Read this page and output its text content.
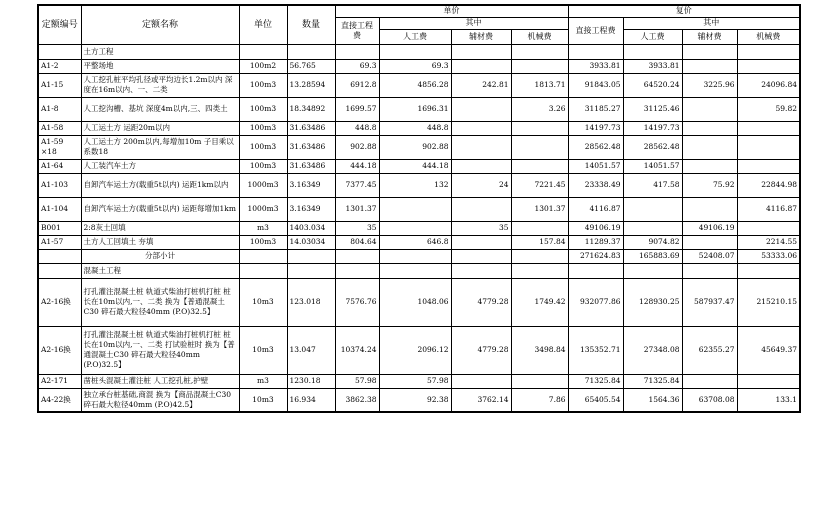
定额编号	定额名称	单位	数量	单价				复价			
				直接工程费	其中			直接工程费	其中		
					人工费	辅材费	机械费		人工费	辅材费	机械费
	土方工程										
A1-2	平整场地	100m2	56.765	69.3	69.3			3933.81	3933.81		
A1-15	人工挖孔桩平均孔径或平均边长1.2m以内 深度在16m以内、一、二类	100m3	13.28594	6912.8	4856.28	242.81	1813.71	91843.05	64520.24	3225.96	24096.84
A1-8	人工挖沟槽、基坑 深度4m以内,三、四类土	100m3	18.34892	1699.57	1696.31		3.26	31185.27	31125.46		59.82
A1-58	人工运土方 运距20m以内	100m3	31.63486	448.8	448.8			14197.73	14197.73		
A1-59 ×18	人工运土方 200m以内,每增加10m 子目乘以系数18	100m3	31.63486	902.88	902.88			28562.48	28562.48		
A1-64	人工装汽车土方	100m3	31.63486	444.18	444.18			14051.57	14051.57		
A1-103	自卸汽车运土方(载重5t以内) 运距1km以内	1000m3	3.16349	7377.45	132	24	7221.45	23338.49	417.58	75.92	22844.98
A1-104	自卸汽车运土方(载重5t以内) 运距每增加1km	1000m3	3.16349	1301.37			1301.37	4116.87			4116.87
B001	2:8灰土回填	m3	1403.034	35		35		49106.19		49106.19	
A1-57	土方人工回填土 夯填	100m3	14.03034	804.64	646.8		157.84	11289.37	9074.82		2214.55
	分部小计							271624.83	165883.69	52408.07	53333.06
	混凝土工程										
A2-16换	打孔灌注混凝土桩 轨道式柴油打桩机打桩 桩长在10m以内,一、二类 换为【普通混凝土C30 碎石最大粒径40mm (P.O)32.5】	10m3	123.018	7576.76	1048.06	4779.28	1749.42	932077.86	128930.25	587937.47	215210.15
A2-16换	打孔灌注混凝土桩 轨道式柴油打桩机打桩 桩长在10m以内,一、二类 打试验桩时 换为【普通混凝土C30 碎石最大粒径40mm (P.O)32.5】	10m3	13.047	10374.24	2096.12	4779.28	3498.84	135352.71	27348.08	62355.27	45649.37
A2-171	凿桩头混凝土灌注桩 人工挖孔桩,护壁	m3	1230.18	57.98	57.98			71325.84	71325.84		
A4-22换	独立承台桩基础,商混 换为【商品混凝土C30 碎石最大粒径40mm (P.O)42.5】	10m3	16.934	3862.38	92.38	3762.14	7.86	65405.54	1564.36	63708.08	133.1
